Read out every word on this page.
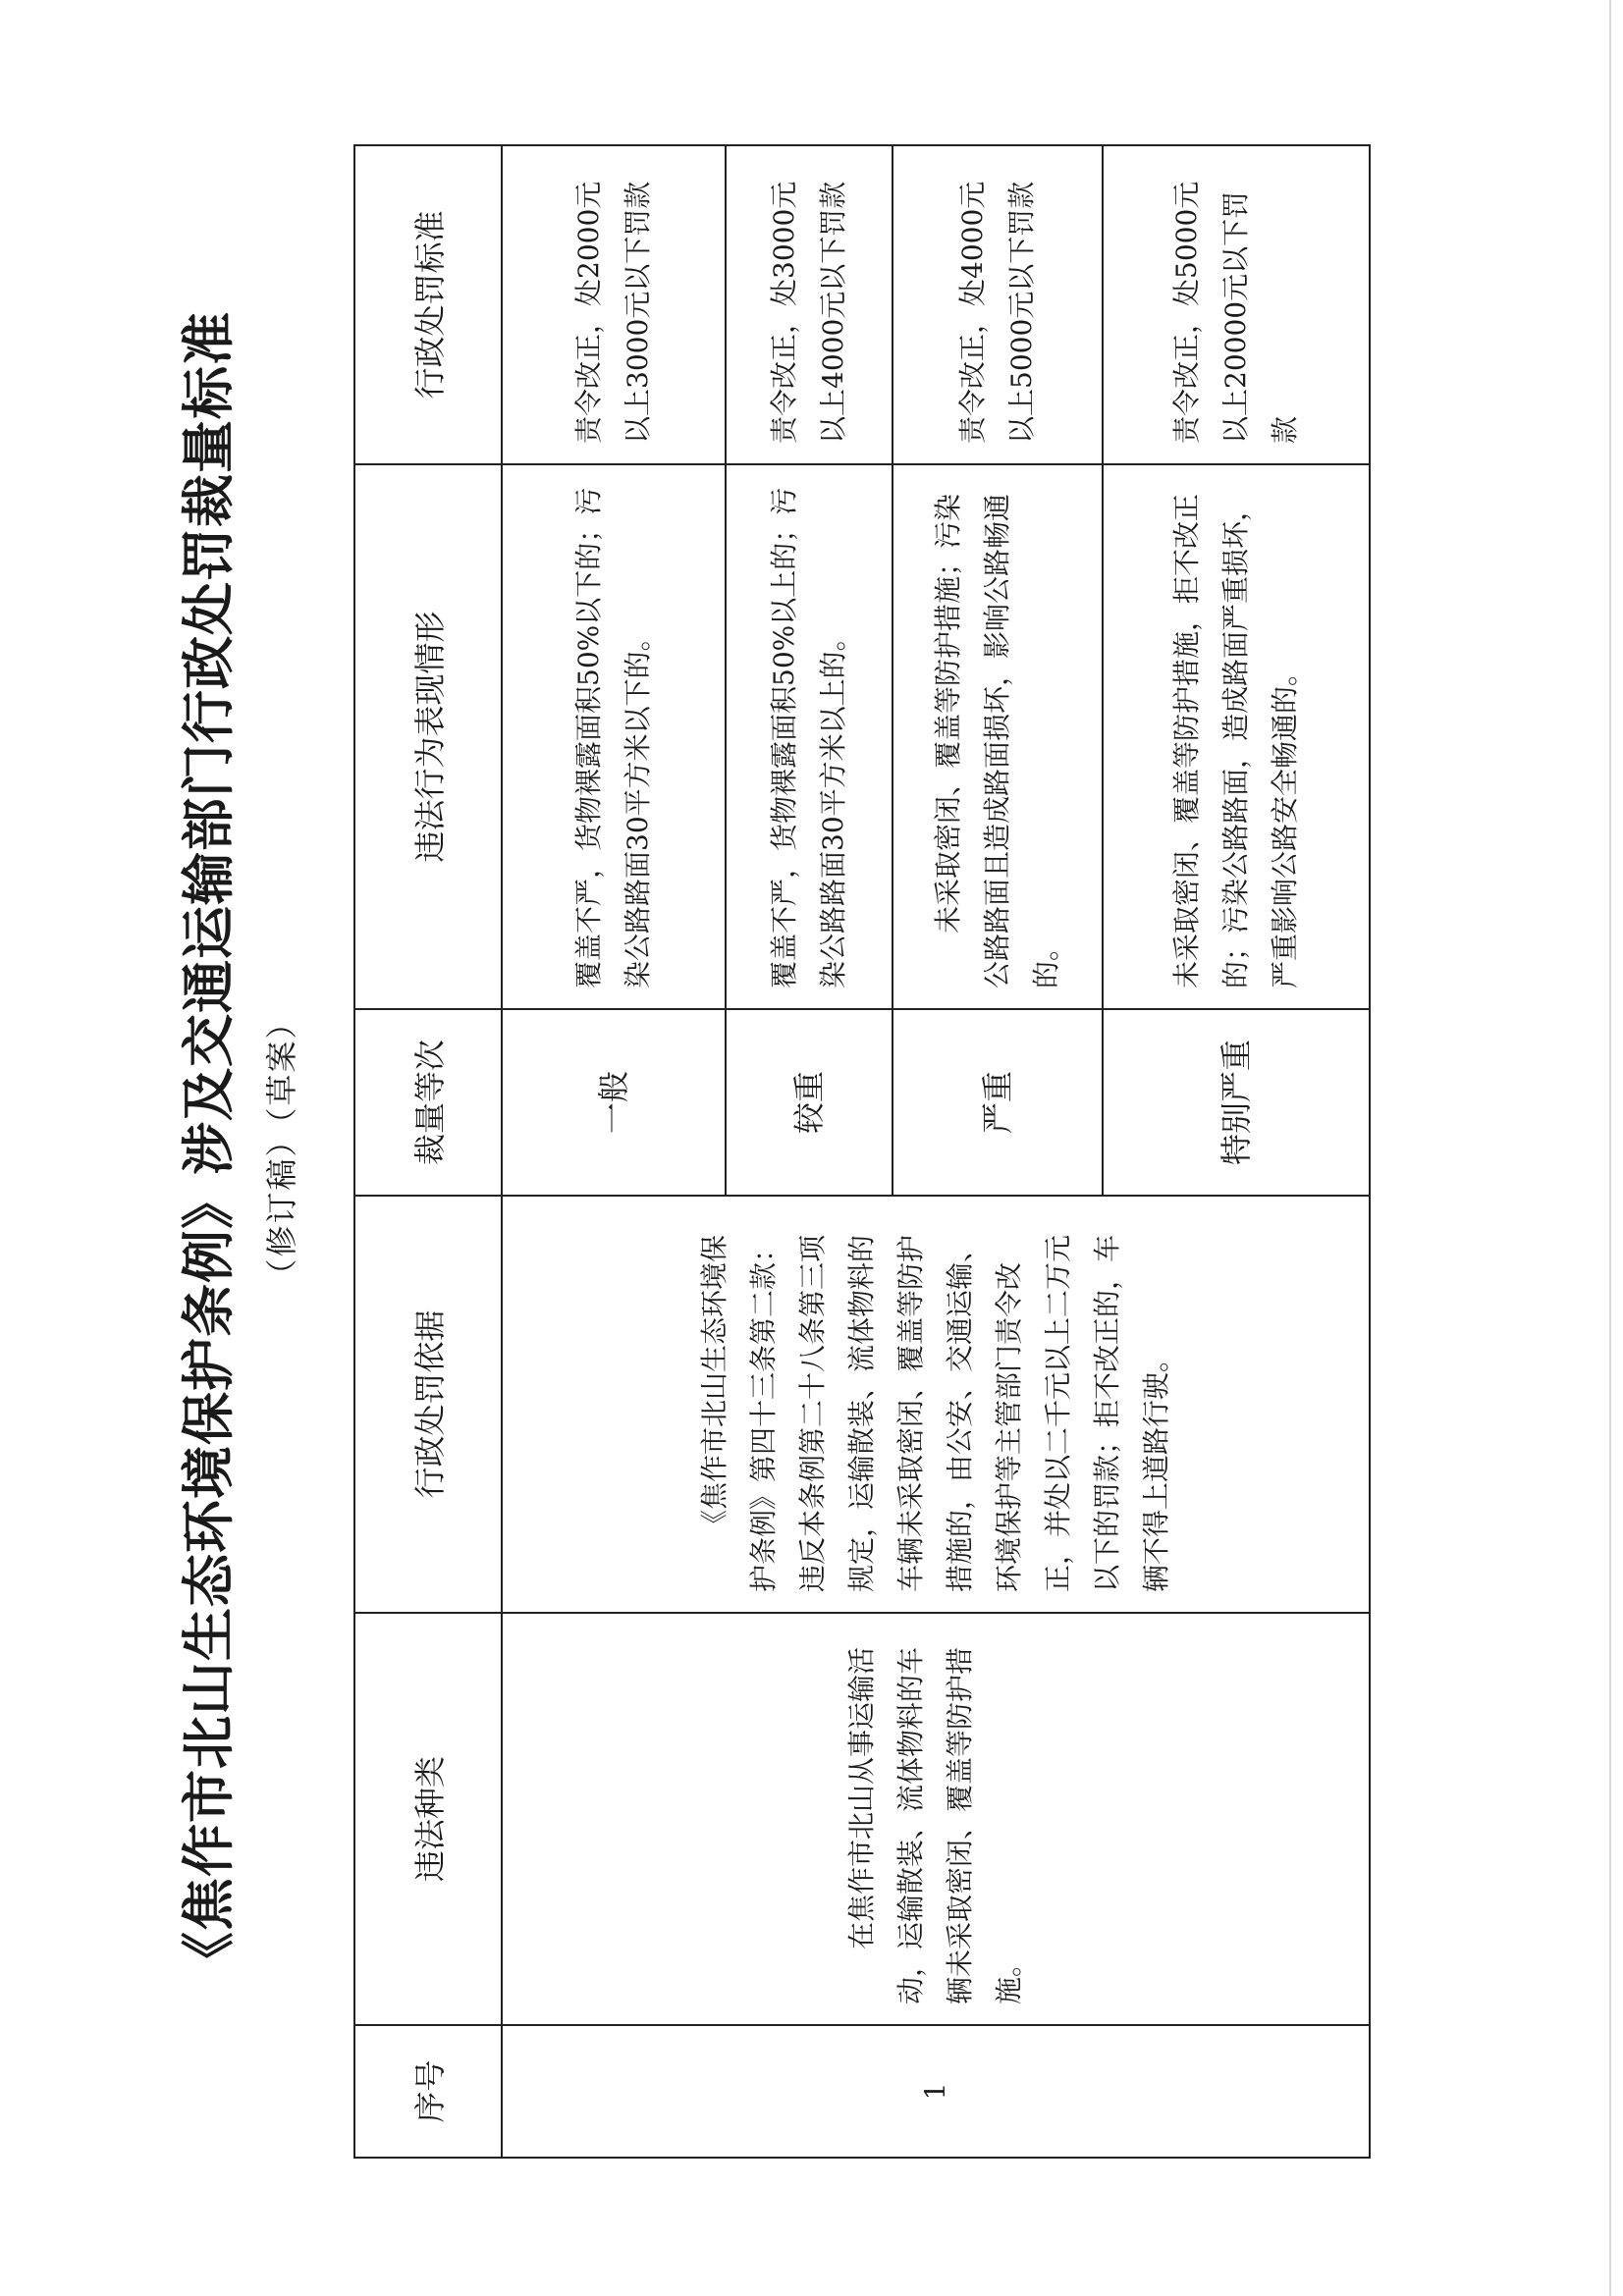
《焦作市北山生态环境保护条例》涉及交通运输部门行政处罚裁量标准 （修订稿）（草案）
序号	违法种类	行政处罚依据	裁量等次	违法行为表现情形	行政处罚标准
1	在焦作市北山从事运输活动，运输散装、流体物料的车辆未采取密闭、覆盖等防护措施。	《焦作市北山生态环境保护条例》第四十三条第二款：违反本条例第二十八条第三项规定，运输散装、流体物料的车辆未采取密闭、覆盖等防护措施的，由公安、交通运输、环境保护等主管部门责令改正，并处以二千元以上二万元以下的罚款；拒不改正的，车辆不得上道路行驶。	一般	覆盖不严，货物裸露面积50%以下的；污染公路路面30平方米以下的。	责令改正，处2000元以上3000元以下罚款
			较重	覆盖不严，货物裸露面积50%以上的；污染公路路面30平方米以上的。	责令改正，处3000元以上4000元以下罚款
			严重	未采取密闭、覆盖等防护措施；污染公路路面且造成路面损坏，影响公路畅通的。	责令改正，处4000元以上5000元以下罚款
			特别严重	未采取密闭、覆盖等防护措施，拒不改正的；污染公路路面，造成路面严重损坏，严重影响公路安全畅通的。	责令改正，处5000元以上20000元以下罚款
